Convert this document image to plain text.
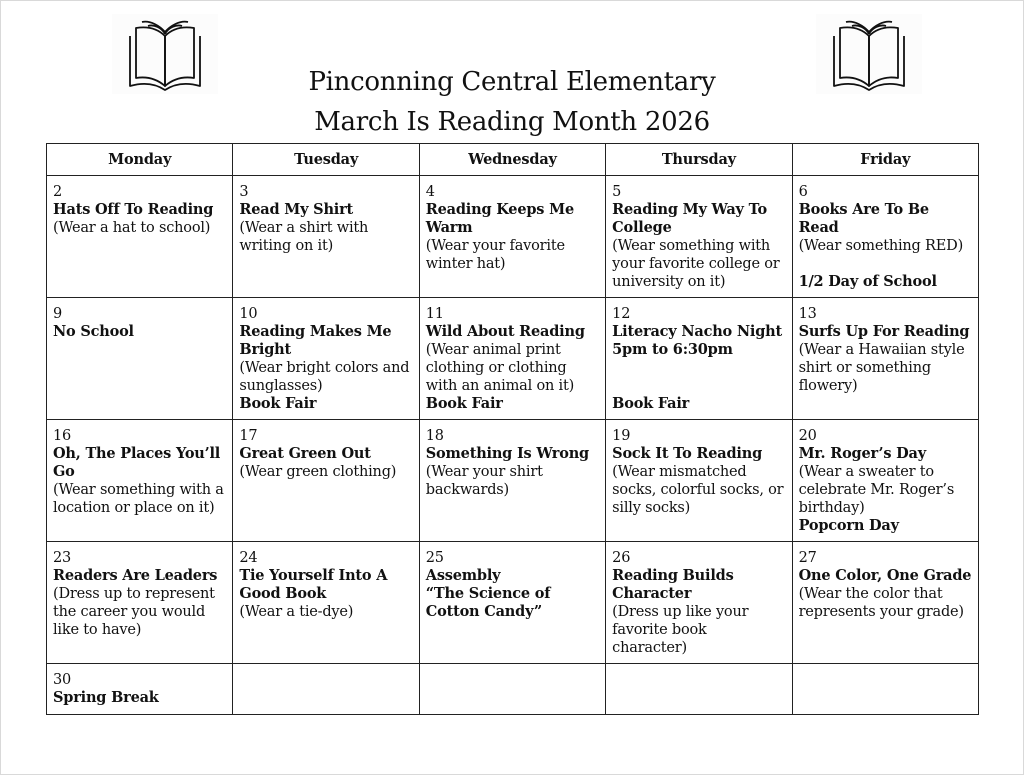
Pinconning Central Elementary
March Is Reading Month 2026
Monday	Tuesday	Wednesday	Thursday	Friday

2
Hats Off To Reading
(Wear a hat to school)	3
Read My Shirt
(Wear a shirt with writing on it)	4
Reading Keeps Me Warm
(Wear your favorite winter hat)	5
Reading My Way To College
(Wear something with your favorite college or university on it)	6
Books Are To Be Read
(Wear something RED)
1/2 Day of School

9
No School	10
Reading Makes Me Bright
(Wear bright colors and sunglasses)
Book Fair	11
Wild About Reading
(Wear animal print clothing or clothing with an animal on it)
Book Fair	12
Literacy Nacho Night
5pm to 6:30pm
Book Fair	13
Surfs Up For Reading
(Wear a Hawaiian style shirt or something flowery)

16
Oh, The Places You’ll Go
(Wear something with a location or place on it)	17
Great Green Out
(Wear green clothing)	18
Something Is Wrong
(Wear your shirt backwards)	19
Sock It To Reading
(Wear mismatched socks, colorful socks, or silly socks)	20
Mr. Roger’s Day
(Wear a sweater to celebrate Mr. Roger’s birthday)
Popcorn Day

23
Readers Are Leaders
(Dress up to represent the career you would like to have)	24
Tie Yourself Into A Good Book
(Wear a tie-dye)	25
Assembly
“The Science of Cotton Candy”	26
Reading Builds Character
(Dress up like your favorite book character)	27
One Color, One Grade
(Wear the color that represents your grade)

30
Spring Break				
